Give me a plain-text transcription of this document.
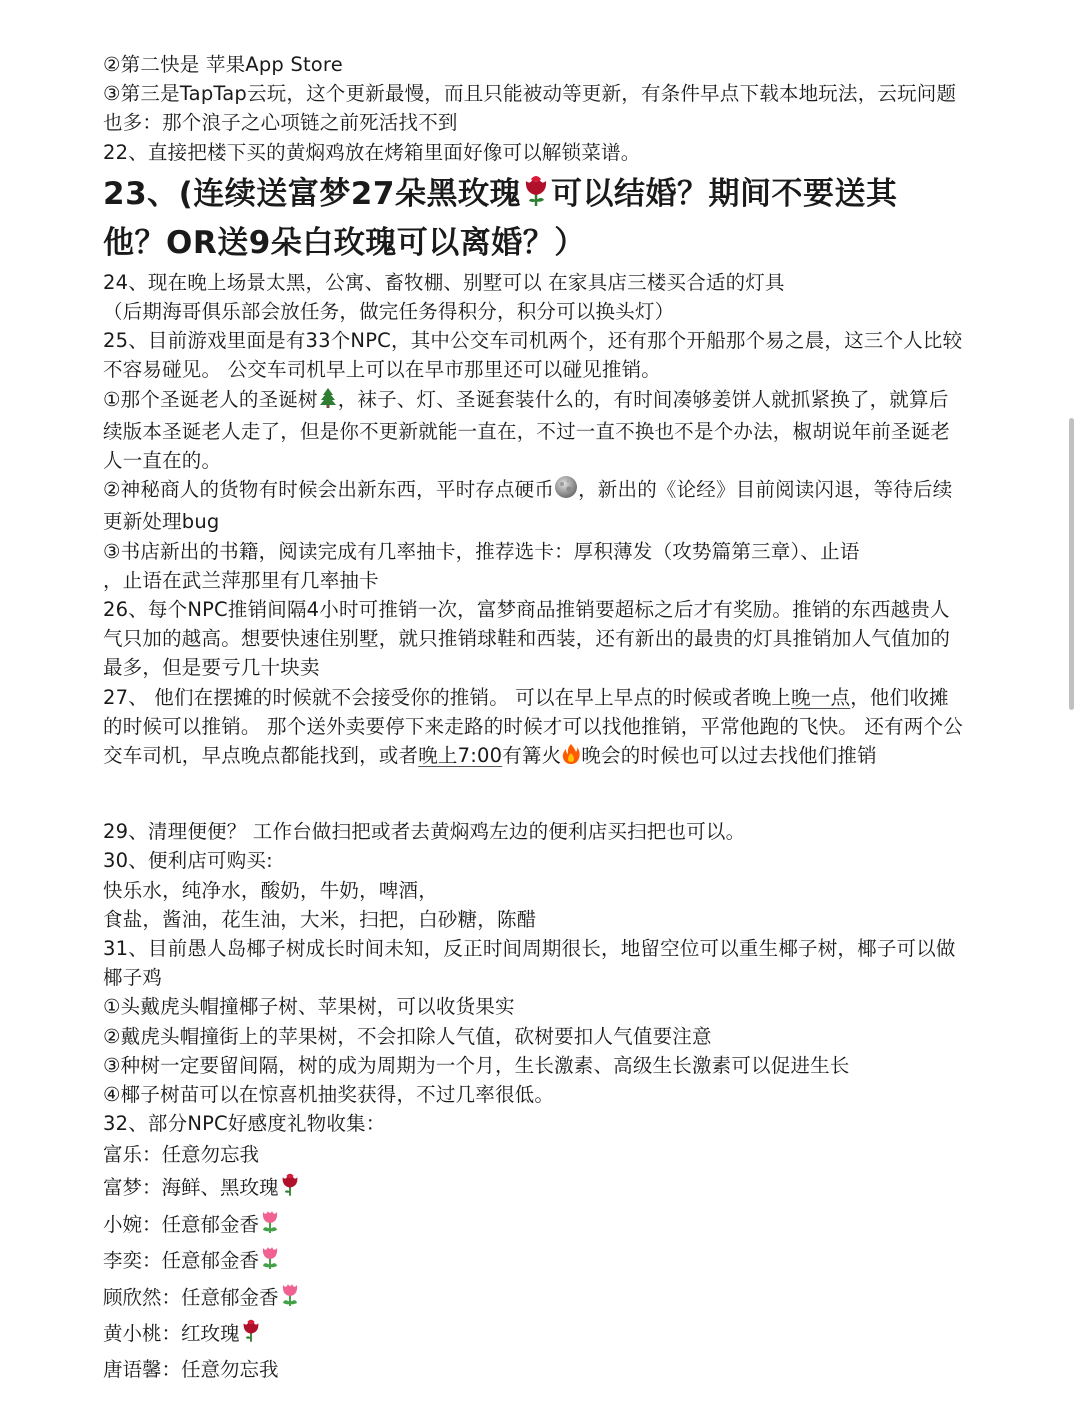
②第二快是 苹果App Store
③第三是TapTap云玩，这个更新最慢，而且只能被动等更新，有条件早点下载本地玩法，云玩问题
也多：那个浪子之心项链之前死活找不到
22、直接把楼下买的黄焖鸡放在烤箱里面好像可以解锁菜谱。
23、(连续送富梦27朵黑玫瑰 可以结婚？期间不要送其
他？OR送9朵白玫瑰可以离婚？）
24、现在晚上场景太黑，公寓、畜牧棚、别墅可以 在家具店三楼买合适的灯具
（后期海哥俱乐部会放任务，做完任务得积分，积分可以换头灯）
25、目前游戏里面是有33个NPC，其中公交车司机两个，还有那个开船那个易之晨，这三个人比较
不容易碰见。 公交车司机早上可以在早市那里还可以碰见推销。
①那个圣诞老人的圣诞树 ，袜子、灯、圣诞套装什么的，有时间凑够姜饼人就抓紧换了，就算后
续版本圣诞老人走了，但是你不更新就能一直在，不过一直不换也不是个办法，椒胡说年前圣诞老
人一直在的。
②神秘商人的货物有时候会出新东西，平时存点硬币 ，新出的《论经》目前阅读闪退，等待后续
更新处理bug
③书店新出的书籍，阅读完成有几率抽卡，推荐选卡：厚积薄发（攻势篇第三章）、止语
，止语在武兰萍那里有几率抽卡
26、每个NPC推销间隔4小时可推销一次，富梦商品推销要超标之后才有奖励。推销的东西越贵人
气只加的越高。想要快速住别墅，就只推销球鞋和西装，还有新出的最贵的灯具推销加人气值加的
最多，但是要亏几十块卖
27、 他们在摆摊的时候就不会接受你的推销。 可以在早上早点的时候或者晚上晚一点，他们收摊
的时候可以推销。 那个送外卖要停下来走路的时候才可以找他推销，平常他跑的飞快。 还有两个公
交车司机，早点晚点都能找到，或者晚上7:00有篝火 晚会的时候也可以过去找他们推销
29、清理便便？ 工作台做扫把或者去黄焖鸡左边的便利店买扫把也可以。
30、便利店可购买:
快乐水，纯净水，酸奶，牛奶，啤酒，
食盐，酱油，花生油，大米，扫把，白砂糖，陈醋
31、目前愚人岛椰子树成长时间未知，反正时间周期很长，地留空位可以重生椰子树，椰子可以做
椰子鸡
①头戴虎头帽撞椰子树、苹果树，可以收货果实
②戴虎头帽撞街上的苹果树，不会扣除人气值，砍树要扣人气值要注意
③种树一定要留间隔，树的成为周期为一个月，生长激素、高级生长激素可以促进生长
④椰子树苗可以在惊喜机抽奖获得，不过几率很低。
32、部分NPC好感度礼物收集：
富乐：任意勿忘我
富梦：海鲜、黑玫瑰
小婉：任意郁金香
李奕：任意郁金香
顾欣然：任意郁金香
黄小桃：红玫瑰
唐语馨：任意勿忘我
